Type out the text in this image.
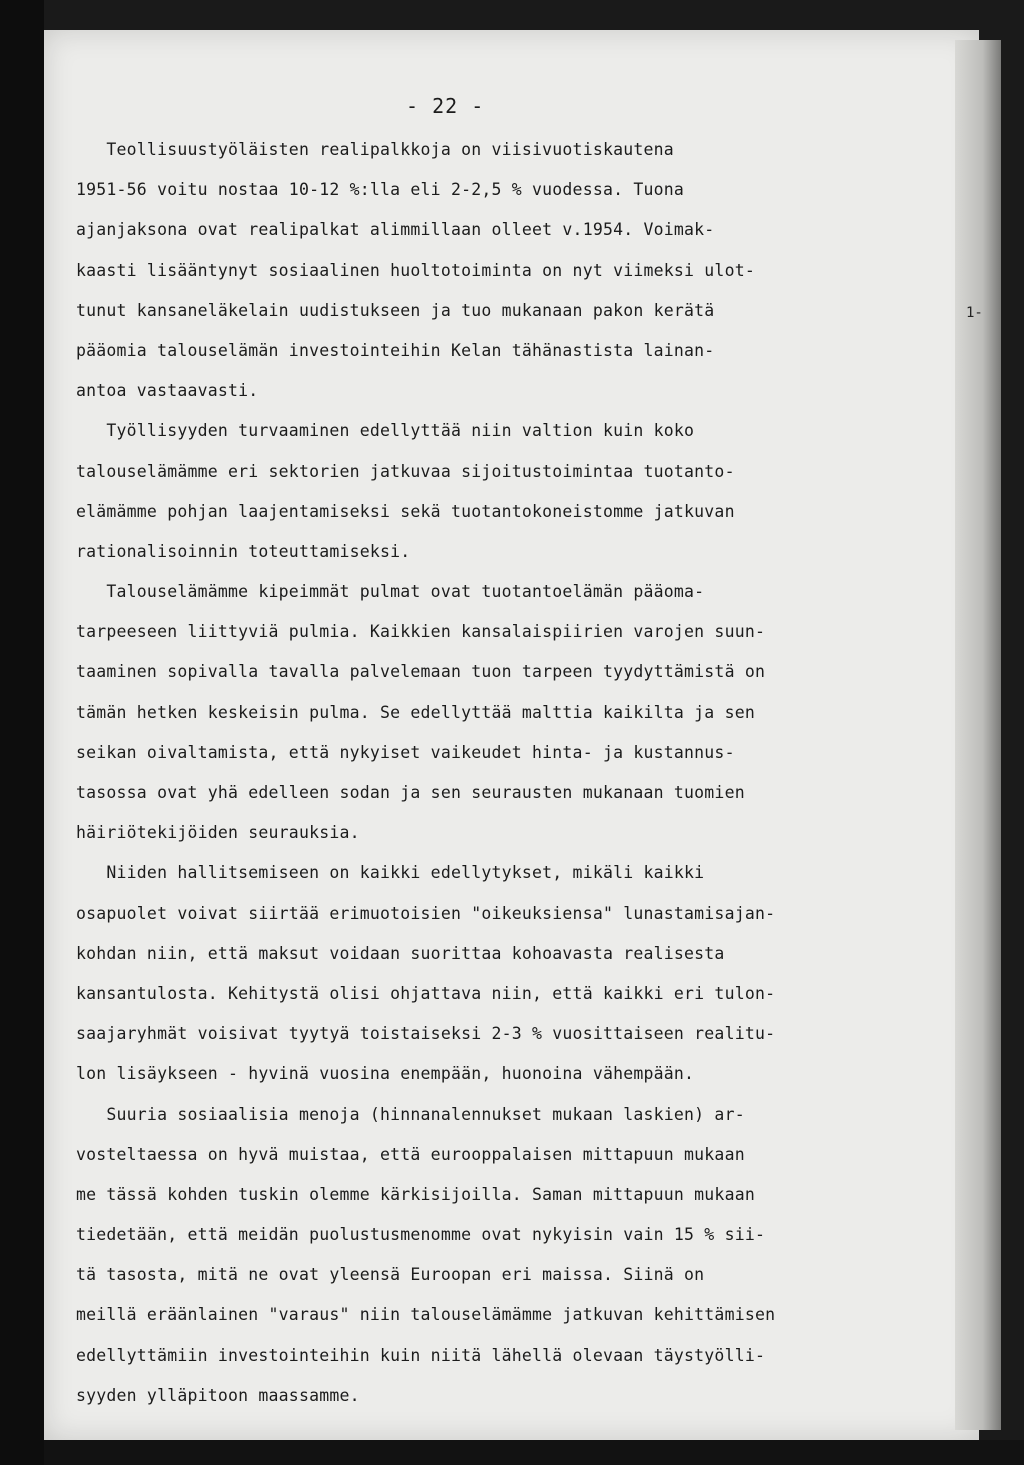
- 22 -
1-
Teollisuustyöläisten realipalkkoja on viisivuotiskautena
1951-56 voitu nostaa 10-12 %:lla eli 2-2,5 % vuodessa. Tuona
ajanjaksona ovat realipalkat alimmillaan olleet v.1954. Voimak-
kaasti lisääntynyt sosiaalinen huoltotoiminta on nyt viimeksi ulot-
tunut kansaneläkelain uudistukseen ja tuo mukanaan pakon kerätä
pääomia talouselämän investointeihin Kelan tähänastista lainan-
antoa vastaavasti.
Työllisyyden turvaaminen edellyttää niin valtion kuin koko
talouselämämme eri sektorien jatkuvaa sijoitustoimintaa tuotanto-
elämämme pohjan laajentamiseksi sekä tuotantokoneistomme jatkuvan
rationalisoinnin toteuttamiseksi.
Talouselämämme kipeimmät pulmat ovat tuotantoelämän pääoma-
tarpeeseen liittyviä pulmia. Kaikkien kansalaispiirien varojen suun-
taaminen sopivalla tavalla palvelemaan tuon tarpeen tyydyttämistä on
tämän hetken keskeisin pulma. Se edellyttää malttia kaikilta ja sen
seikan oivaltamista, että nykyiset vaikeudet hinta- ja kustannus-
tasossa ovat yhä edelleen sodan ja sen seurausten mukanaan tuomien
häiriötekijöiden seurauksia.
Niiden hallitsemiseen on kaikki edellytykset, mikäli kaikki
osapuolet voivat siirtää erimuotoisien "oikeuksiensa" lunastamisajan-
kohdan niin, että maksut voidaan suorittaa kohoavasta realisesta
kansantulosta. Kehitystä olisi ohjattava niin, että kaikki eri tulon-
saajaryhmät voisivat tyytyä toistaiseksi 2-3 % vuosittaiseen realitu-
lon lisäykseen - hyvinä vuosina enempään, huonoina vähempään.
Suuria sosiaalisia menoja (hinnanalennukset mukaan laskien) ar-
vosteltaessa on hyvä muistaa, että eurooppalaisen mittapuun mukaan
me tässä kohden tuskin olemme kärkisijoilla. Saman mittapuun mukaan
tiedetään, että meidän puolustusmenomme ovat nykyisin vain 15 % sii-
tä tasosta, mitä ne ovat yleensä Euroopan eri maissa. Siinä on
meillä eräänlainen "varaus" niin talouselämämme jatkuvan kehittämisen
edellyttämiin investointeihin kuin niitä lähellä olevaan täystyölli-
syyden ylläpitoon maassamme.
